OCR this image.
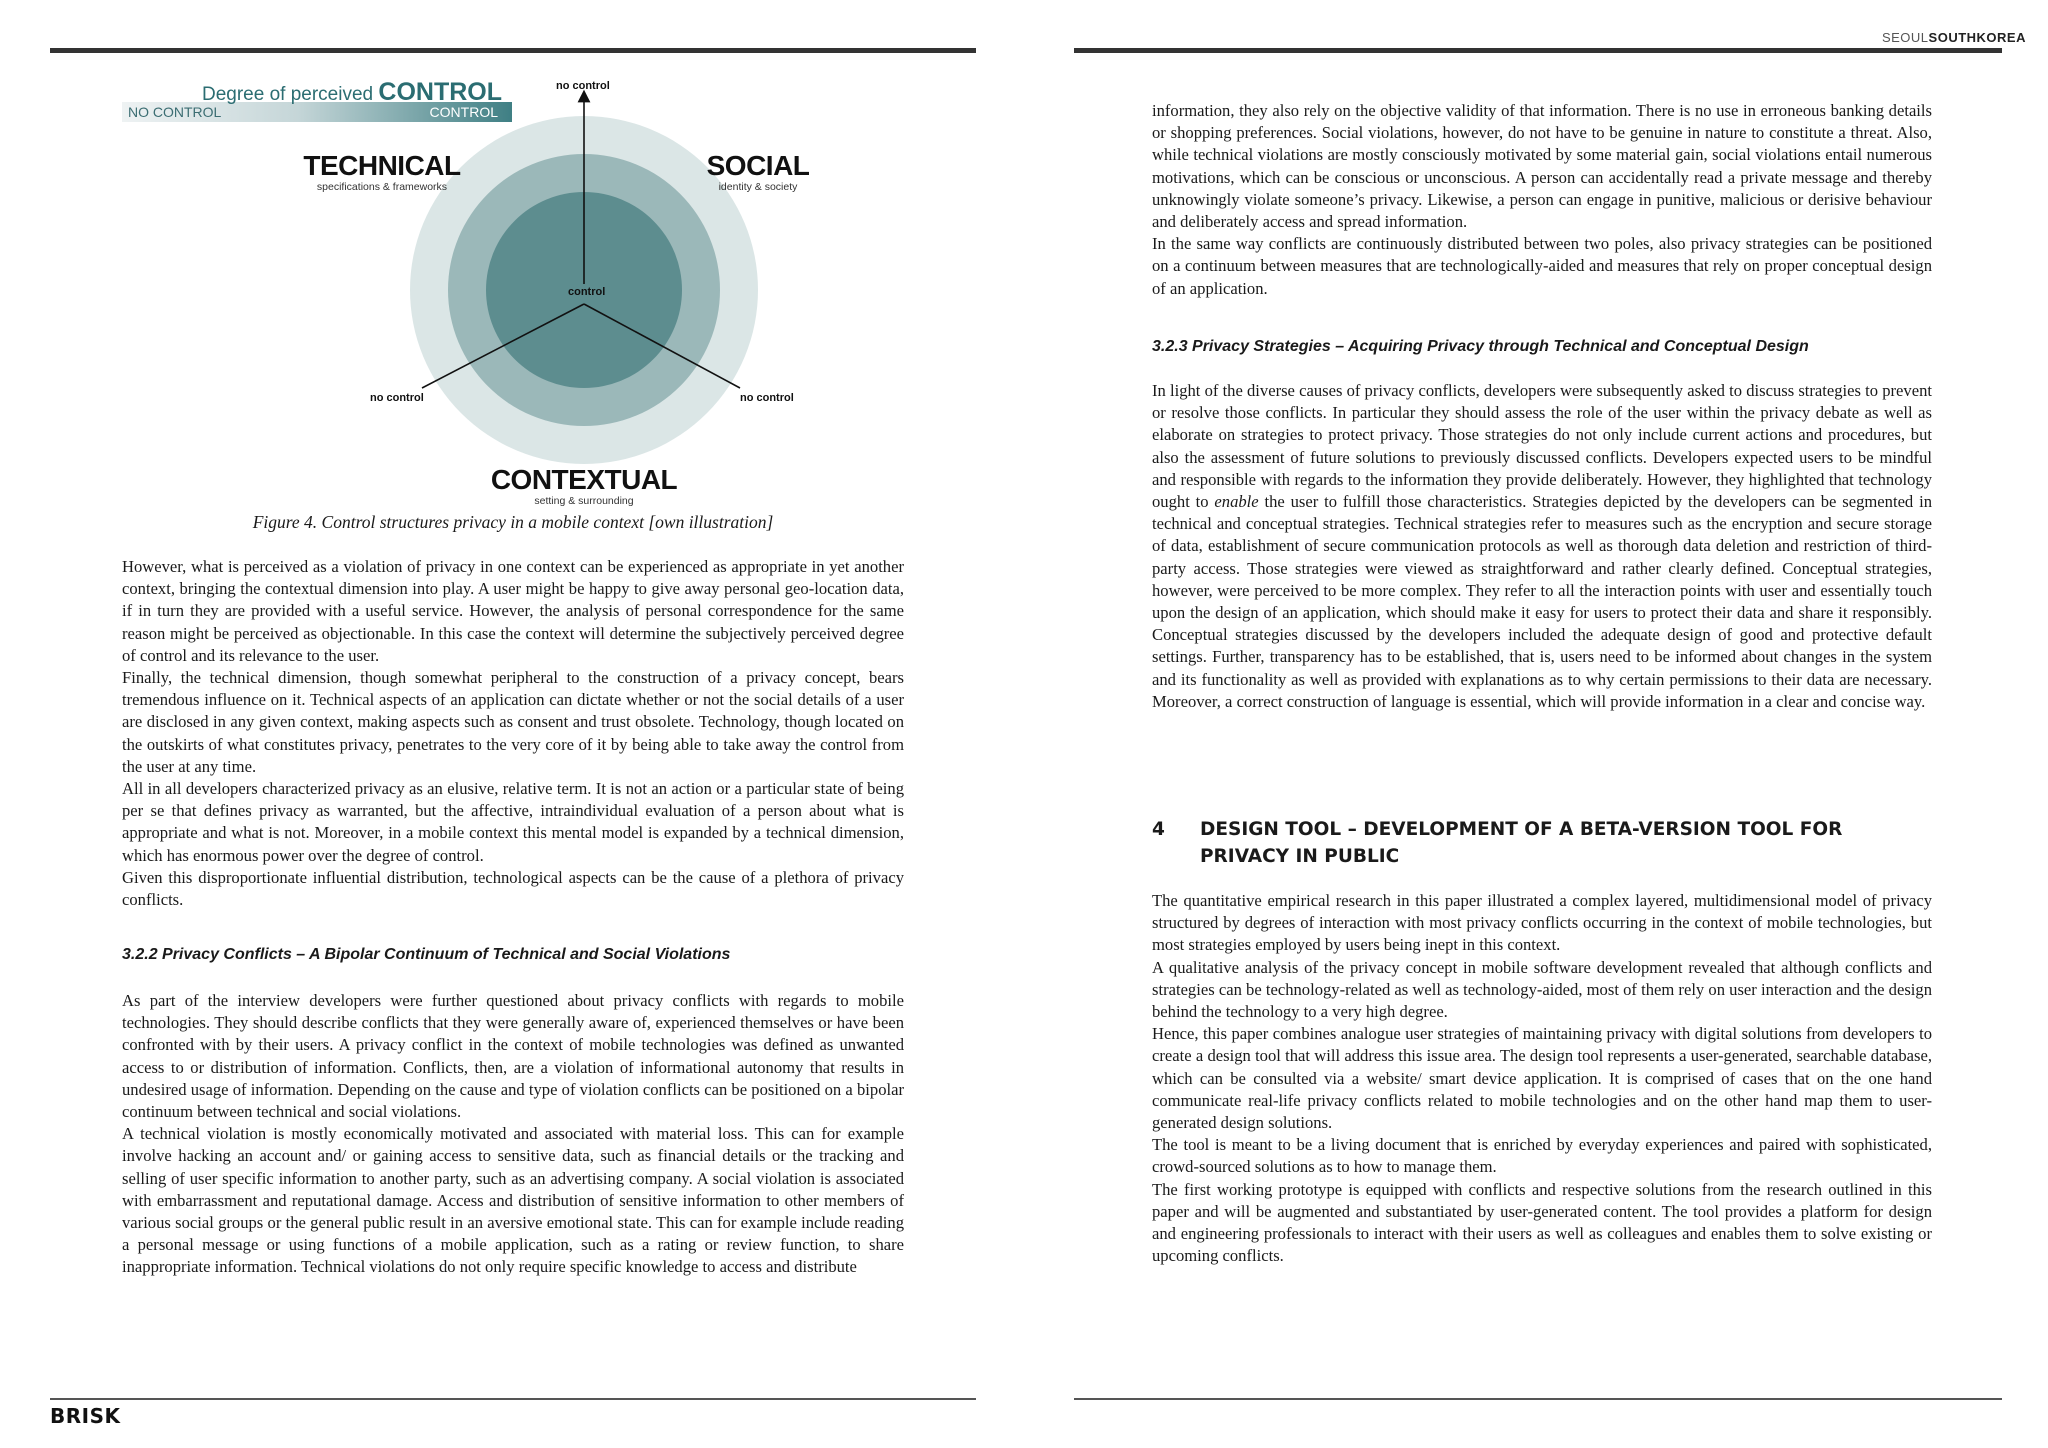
Degree of perceived CONTROL
NO CONTROL	CONTROL
no control
control
no control	no control
TECHNICAL
specifications & frameworks
SOCIAL
identity & society
CONTEXTUAL
setting & surrounding
Figure 4. Control structures privacy in a mobile context [own illustration]

However, what is perceived as a violation of privacy in one context can be experienced as appropriate in yet another context, bringing the contextual dimension into play. A user might be happy to give away personal geo-location data, if in turn they are provided with a useful service. However, the analysis of personal correspondence for the same reason might be perceived as objectionable. In this case the context will determine the subjectively perceived degree of control and its relevance to the user.

Finally, the technical dimension, though somewhat peripheral to the construction of a privacy concept, bears tremendous influence on it. Technical aspects of an application can dictate whether or not the social details of a user are disclosed in any given context, making aspects such as consent and trust obsolete. Technology, though located on the outskirts of what constitutes privacy, penetrates to the very core of it by being able to take away the control from the user at any time.

All in all developers characterized privacy as an elusive, relative term. It is not an action or a particular state of being per se that defines privacy as warranted, but the affective, intraindividual evaluation of a person about what is appropriate and what is not. Moreover, in a mobile context this mental model is expanded by a technical dimension, which has enormous power over the degree of control.

Given this disproportionate influential distribution, technological aspects can be the cause of a plethora of privacy conflicts.

3.2.2 Privacy Conflicts – A Bipolar Continuum of Technical and Social Violations

As part of the interview developers were further questioned about privacy conflicts with regards to mobile technologies. They should describe conflicts that they were generally aware of, experienced themselves or have been confronted with by their users. A privacy conflict in the context of mobile technologies was defined as unwanted access to or distribution of information. Conflicts, then, are a violation of informational autonomy that results in undesired usage of information. Depending on the cause and type of violation conflicts can be positioned on a bipolar continuum between technical and social violations.

A technical violation is mostly economically motivated and associated with material loss. This can for example involve hacking an account and/ or gaining access to sensitive data, such as financial details or the tracking and selling of user specific information to another party, such as an advertising company. A social violation is associated with embarrassment and reputational damage. Access and distribution of sensitive information to other members of various social groups or the general public result in an aversive emotional state. This can for example include reading a personal message or using functions of a mobile application, such as a rating or review function, to share inappropriate information. Technical violations do not only require specific knowledge to access and distribute

BRISK
SEOULSOUTHKOREA

information, they also rely on the objective validity of that information. There is no use in erroneous banking details or shopping preferences. Social violations, however, do not have to be genuine in nature to constitute a threat. Also, while technical violations are mostly consciously motivated by some material gain, social violations entail numerous motivations, which can be conscious or unconscious. A person can accidentally read a private message and thereby unknowingly violate someone’s privacy. Likewise, a person can engage in punitive, malicious or derisive behaviour and deliberately access and spread information.

In the same way conflicts are continuously distributed between two poles, also privacy strategies can be positioned on a continuum between measures that are technologically-aided and measures that rely on proper conceptual design of an application.

3.2.3 Privacy Strategies – Acquiring Privacy through Technical and Conceptual Design

In light of the diverse causes of privacy conflicts, developers were subsequently asked to discuss strategies to prevent or resolve those conflicts. In particular they should assess the role of the user within the privacy debate as well as elaborate on strategies to protect privacy. Those strategies do not only include current actions and procedures, but also the assessment of future solutions to previously discussed conflicts. Developers expected users to be mindful and responsible with regards to the information they provide deliberately. However, they highlighted that technology ought to enable the user to fulfill those characteristics. Strategies depicted by the developers can be segmented in technical and conceptual strategies. Technical strategies refer to measures such as the encryption and secure storage of data, establishment of secure communication protocols as well as thorough data deletion and restriction of third-party access. Those strategies were viewed as straightforward and rather clearly defined. Conceptual strategies, however, were perceived to be more complex. They refer to all the interaction points with user and essentially touch upon the design of an application, which should make it easy for users to protect their data and share it responsibly. Conceptual strategies discussed by the developers included the adequate design of good and protective default settings. Further, transparency has to be established, that is, users need to be informed about changes in the system and its functionality as well as provided with explanations as to why certain permissions to their data are necessary. Moreover, a correct construction of language is essential, which will provide information in a clear and concise way.

4	DESIGN TOOL – DEVELOPMENT OF A BETA-VERSION TOOL FOR PRIVACY IN PUBLIC

The quantitative empirical research in this paper illustrated a complex layered, multidimensional model of privacy structured by degrees of interaction with most privacy conflicts occurring in the context of mobile technologies, but most strategies employed by users being inept in this context.

A qualitative analysis of the privacy concept in mobile software development revealed that although conflicts and strategies can be technology-related as well as technology-aided, most of them rely on user interaction and the design behind the technology to a very high degree.

Hence, this paper combines analogue user strategies of maintaining privacy with digital solutions from developers to create a design tool that will address this issue area. The design tool represents a user-generated, searchable database, which can be consulted via a website/ smart device application. It is comprised of cases that on the one hand communicate real-life privacy conflicts related to mobile technologies and on the other hand map them to user-generated design solutions.

The tool is meant to be a living document that is enriched by everyday experiences and paired with sophisticated, crowd-sourced solutions as to how to manage them.

The first working prototype is equipped with conflicts and respective solutions from the research outlined in this paper and will be augmented and substantiated by user-generated content. The tool provides a platform for design and engineering professionals to interact with their users as well as colleagues and enables them to solve existing or upcoming conflicts.
